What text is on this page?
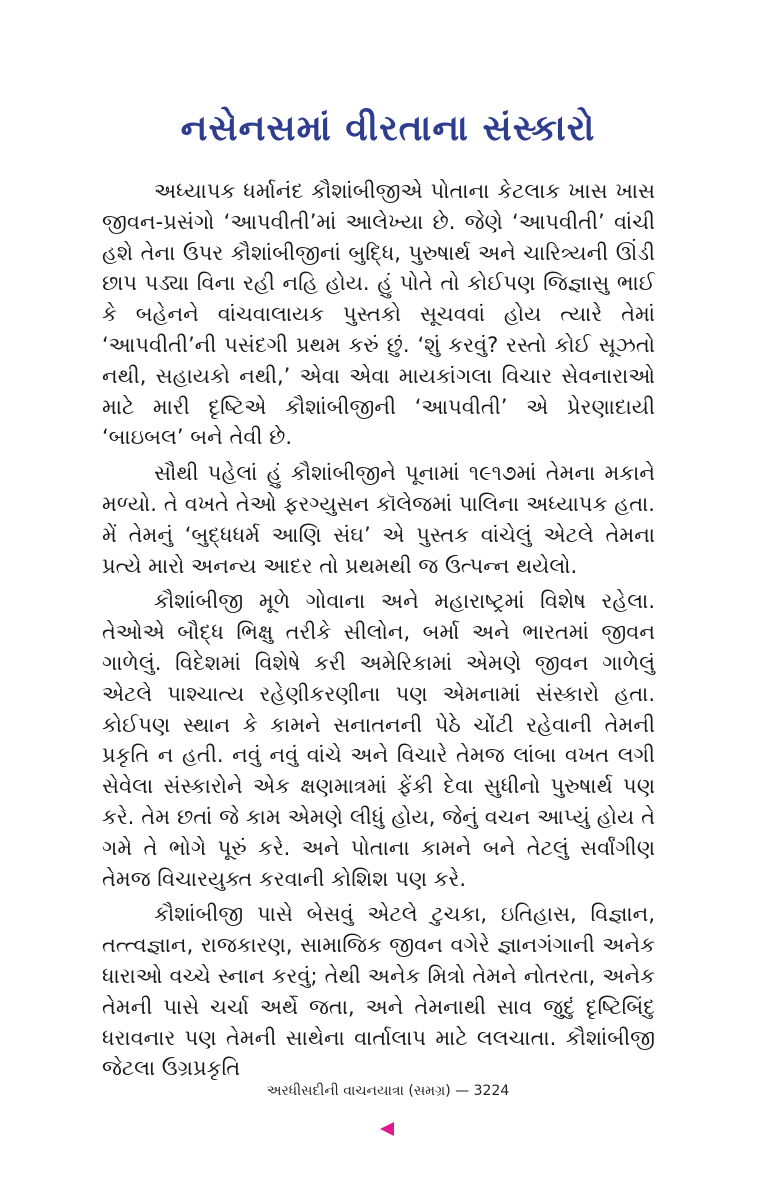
નસેનસમાં વીરતાના સંસ્કારો

અધ્યાપક ધર્માનંદ કૌશાંબીજીએ પોતાના કેટલાક ખાસ ખાસ જીવન-પ્રસંગો ‘આપવીતી’માં આલેખ્યા છે. જેણે ‘આપવીતી’ વાંચી હશે તેના ઉપર કૌશાંબીજીનાં બુદ્ધિ, પુરુષાર્થ અને ચારિત્ર્યની ઊંડી છાપ પડ્યા વિના રહી નહિ હોય. હું પોતે તો કોઈપણ જિજ્ઞાસુ ભાઈ કે બહેનને વાંચવાલાયક પુસ્તકો સૂચવવાં હોય ત્યારે તેમાં ‘આપવીતી’ની પસંદગી પ્રથમ કરું છું. ‘શું કરવું? રસ્તો કોઈ સૂઝતો નથી, સહાયકો નથી,’ એવા એવા માયકાંગલા વિચાર સેવનારાઓ માટે મારી દૃષ્ટિએ કૌશાંબીજીની ‘આપવીતી’ એ પ્રેરણાદાયી ‘બાઇબલ’ બને તેવી છે.

સૌથી પહેલાં હું કૌશાંબીજીને પૂનામાં ૧૯૧૭માં તેમના મકાને મળ્યો. તે વખતે તેઓ ફરગ્યુસન કૉલેજમાં પાલિના અધ્યાપક હતા. મેં તેમનું ‘બુદ્ધધર્મ આણિ સંઘ’ એ પુસ્તક વાંચેલું એટલે તેમના પ્રત્યે મારો અનન્ય આદર તો પ્રથમથી જ ઉત્પન્ન થયેલો.

કૌશાંબીજી મૂળે ગોવાના અને મહારાષ્ટ્રમાં વિશેષ રહેલા. તેઓએ બૌદ્ધ ભિક્ષુ તરીકે સીલોન, બર્મા અને ભારતમાં જીવન ગાળેલું. વિદેશમાં વિશેષે કરી અમેરિકામાં એમણે જીવન ગાળેલું એટલે પાશ્ચાત્ય રહેણીકરણીના પણ એમનામાં સંસ્કારો હતા. કોઈપણ સ્થાન કે કામને સનાતનની પેઠે ચોંટી રહેવાની તેમની પ્રકૃતિ ન હતી. નવું નવું વાંચે અને વિચારે તેમજ લાંબા વખત લગી સેવેલા સંસ્કારોને એક ક્ષણમાત્રમાં ફેંકી દેવા સુધીનો પુરુષાર્થ પણ કરે. તેમ છતાં જે કામ એમણે લીધું હોય, જેનું વચન આપ્યું હોય તે ગમે તે ભોગે પૂરું કરે. અને પોતાના કામને બને તેટલું સર્વાંગીણ તેમજ વિચારયુક્ત કરવાની કોશિશ પણ કરે.

કૌશાંબીજી પાસે બેસવું એટલે ટુચકા, ઇતિહાસ, વિજ્ઞાન, તત્ત્વજ્ઞાન, રાજકારણ, સામાજિક જીવન વગેરે જ્ઞાનગંગાની અનેક ધારાઓ વચ્ચે સ્નાન કરવું; તેથી અનેક મિત્રો તેમને નોતરતા, અનેક તેમની પાસે ચર્ચા અર્થે જતા, અને તેમનાથી સાવ જુદું દૃષ્ટિબિંદુ ધરાવનાર પણ તેમની સાથેના વાર્તાલાપ માટે લલચાતા. કૌશાંબીજી જેટલા ઉગ્રપ્રકૃતિ

અરધીસદીની વાચનયાત્રા (સમગ્ર) — 3224
